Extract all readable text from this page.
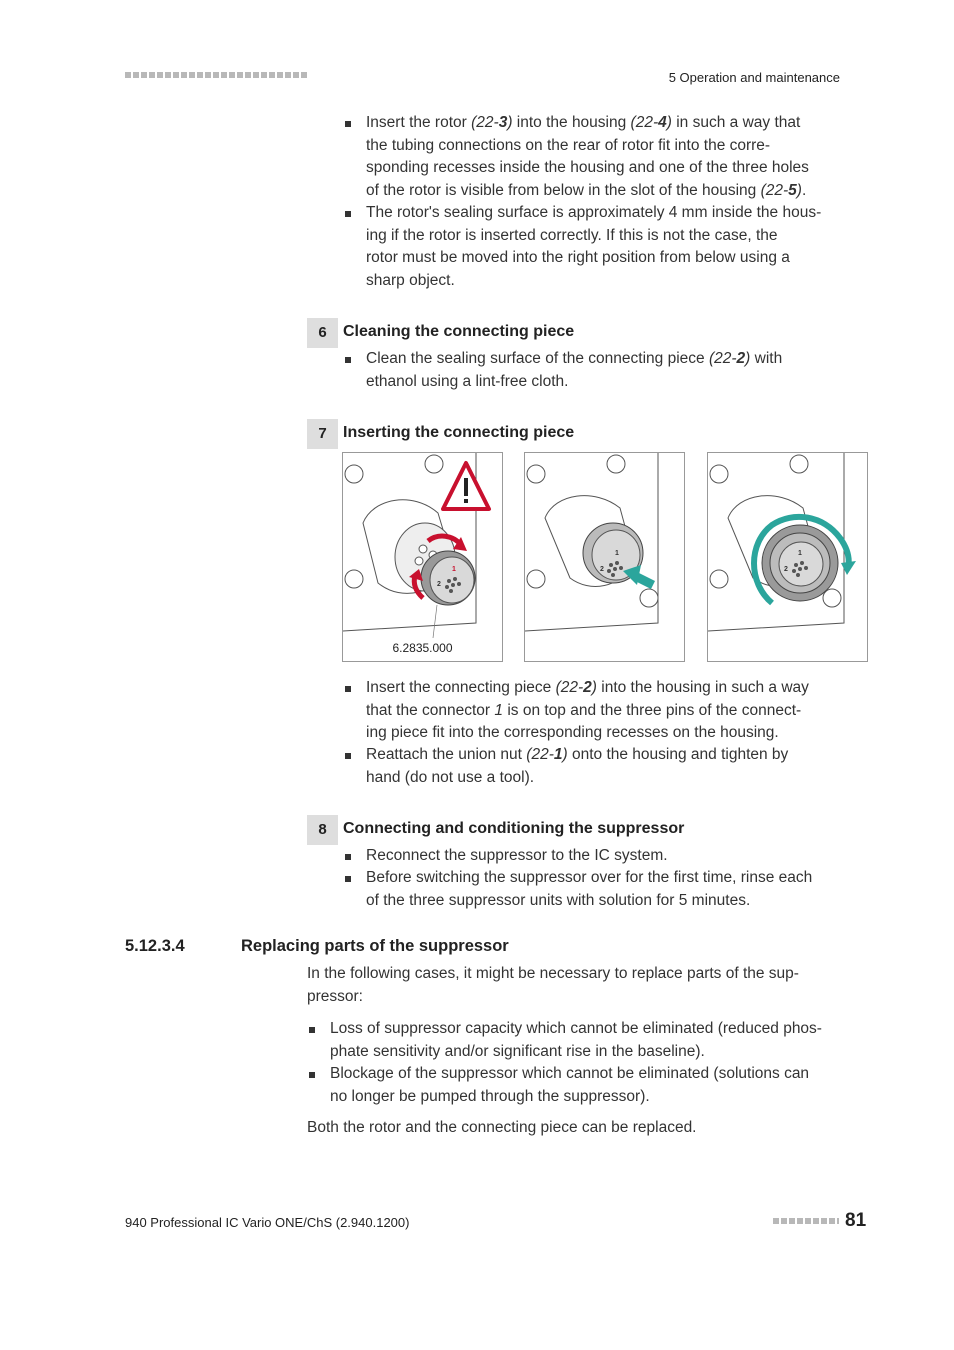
5 Operation and maintenance
Insert the rotor (22-3) into the housing (22-4) in such a way that
the tubing connections on the rear of rotor fit into the corre-
sponding recesses inside the housing and one of the three holes
of the rotor is visible from below in the slot of the housing (22-5).
The rotor's sealing surface is approximately 4 mm inside the hous-
ing if the rotor is inserted correctly. If this is not the case, the
rotor must be moved into the right position from below using a
sharp object.
6	Cleaning the connecting piece
Clean the sealing surface of the connecting piece (22-2) with
ethanol using a lint-free cloth.
7	Inserting the connecting piece
1
2
6.2835.000
1
2
1
2
Insert the connecting piece (22-2) into the housing in such a way
that the connector 1 is on top and the three pins of the connect-
ing piece fit into the corresponding recesses on the housing.
Reattach the union nut (22-1) onto the housing and tighten by
hand (do not use a tool).
8	Connecting and conditioning the suppressor
Reconnect the suppressor to the IC system.
Before switching the suppressor over for the first time, rinse each
of the three suppressor units with solution for 5 minutes.
5.12.3.4	Replacing parts of the suppressor
In the following cases, it might be necessary to replace parts of the sup-
pressor:
Loss of suppressor capacity which cannot be eliminated (reduced phos-
phate sensitivity and/or significant rise in the baseline).
Blockage of the suppressor which cannot be eliminated (solutions can
no longer be pumped through the suppressor).
Both the rotor and the connecting piece can be replaced.
940 Professional IC Vario ONE/ChS (2.940.1200)	81
